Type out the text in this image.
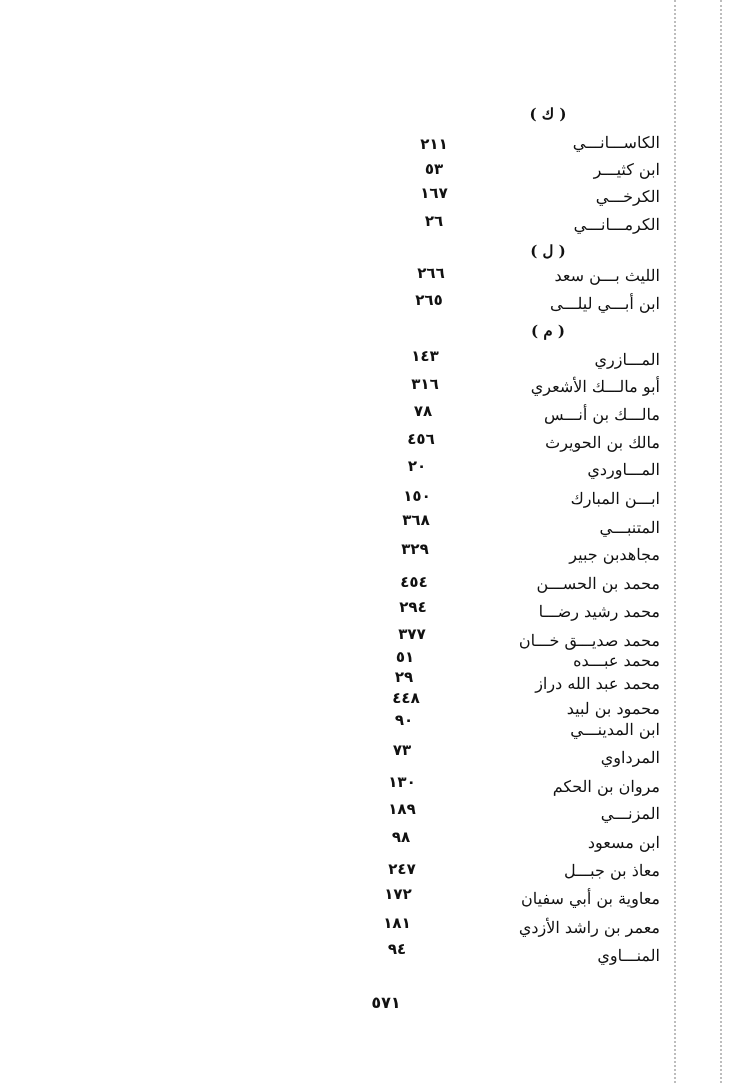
( ك )
( ل )
( م )
الكاســـانـــي
ابن كثيـــر
الكرخـــي
الكرمـــانـــي
الليث بـــن سعد
ابن أبـــي ليلـــى
المـــازري
أبو مالـــك الأشعري
مالـــك بن أنـــس
مالك بن الحويرث
المـــاوردي
ابـــن المبارك
المتنبـــي
مجاهدبن جبير
محمد بن الحســـن
محمد رشيد رضـــا
محمد صديـــق خـــان
محمد عبـــده
محمد عبد الله دراز
محمود بن لبيد
ابن المدينـــي
المرداوي
مروان بن الحكم
المزنـــي
ابن مسعود
معاذ بن جبـــل
معاوية بن أبي سفيان
معمر بن راشد الأزدي
المنـــاوي
٢١١
٥٣
١٦٧
٢٦
٢٦٦
٢٦٥
١٤٣
٣١٦
٧٨
٤٥٦
٢٠
١٥٠
٣٦٨
٣٢٩
٤٥٤
٢٩٤
٣٧٧
٥١
٢٩
٤٤٨
٩٠
٧٣
١٣٠
١٨٩
٩٨
٢٤٧
١٧٢
١٨١
٩٤
٥٧١
